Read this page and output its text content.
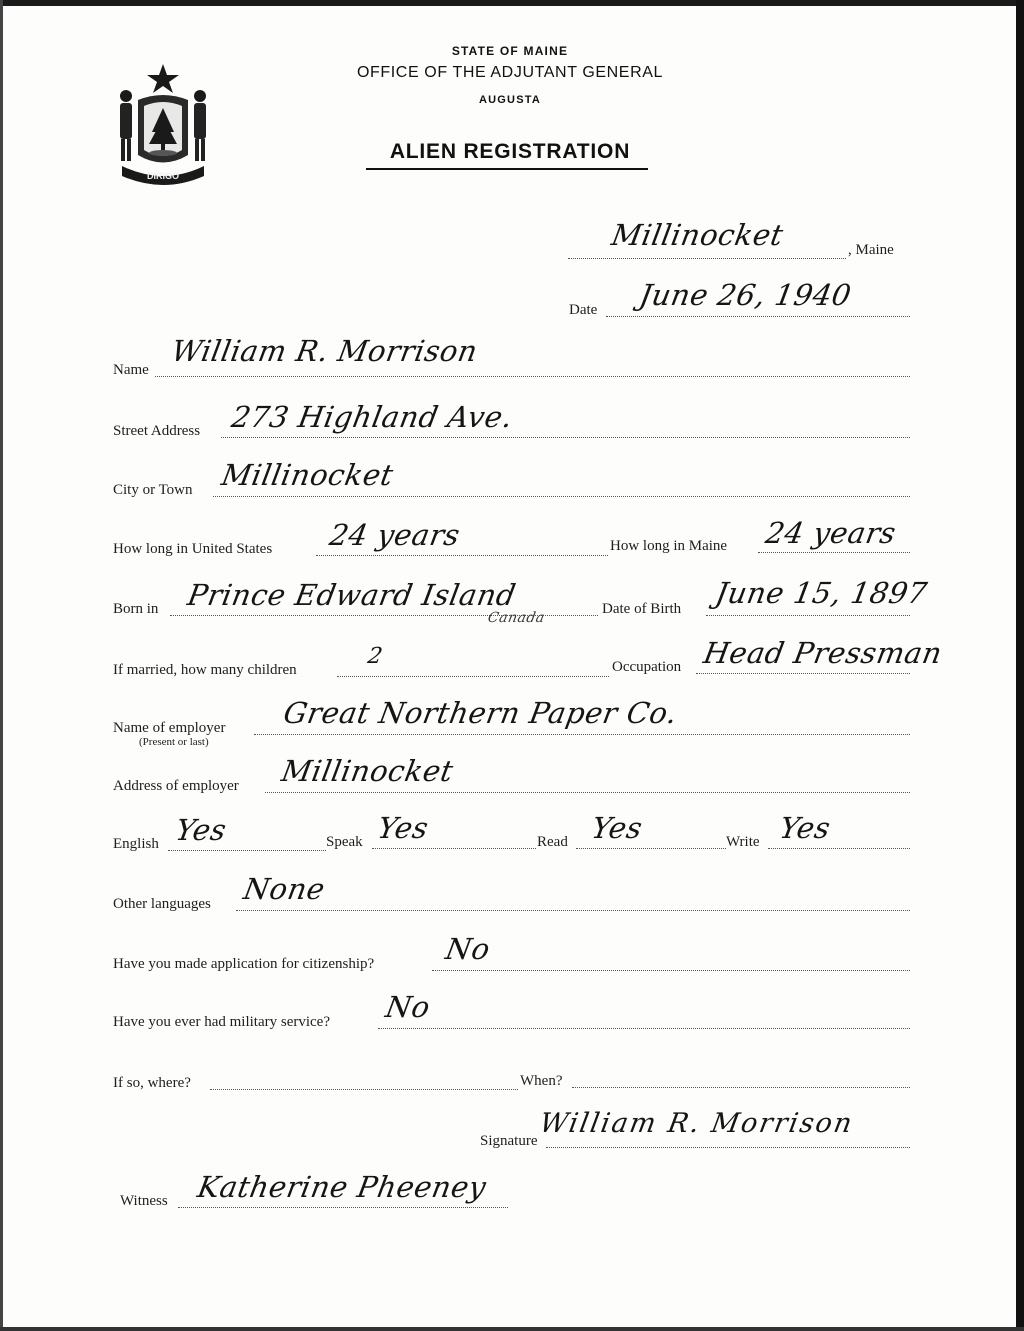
DIRIGO
STATE OF MAINE
OFFICE OF THE ADJUTANT GENERAL
AUGUSTA
ALIEN REGISTRATION
Millinocket	, Maine
Date June 26, 1940
Name
William R. Morrison
Street Address 273 Highland Ave.
City or Town Millinocket
How long in United States 24 years	How long in Maine 24 years
Born in Prince Edward Island
Canada
Date of Birth June 15, 1897
If married, how many children
2	Occupation Head Pressman
Name of employer
(Present or last)
Great Northern Paper Co.
Address of employer Millinocket
English Yes	Speak Yes	Read Yes	Write Yes
Other languages None
Have you made application for citizenship? No
Have you ever had military service? No
If so, where?	When?
Signature
William R. Morrison
Witness Katherine Pheeney
